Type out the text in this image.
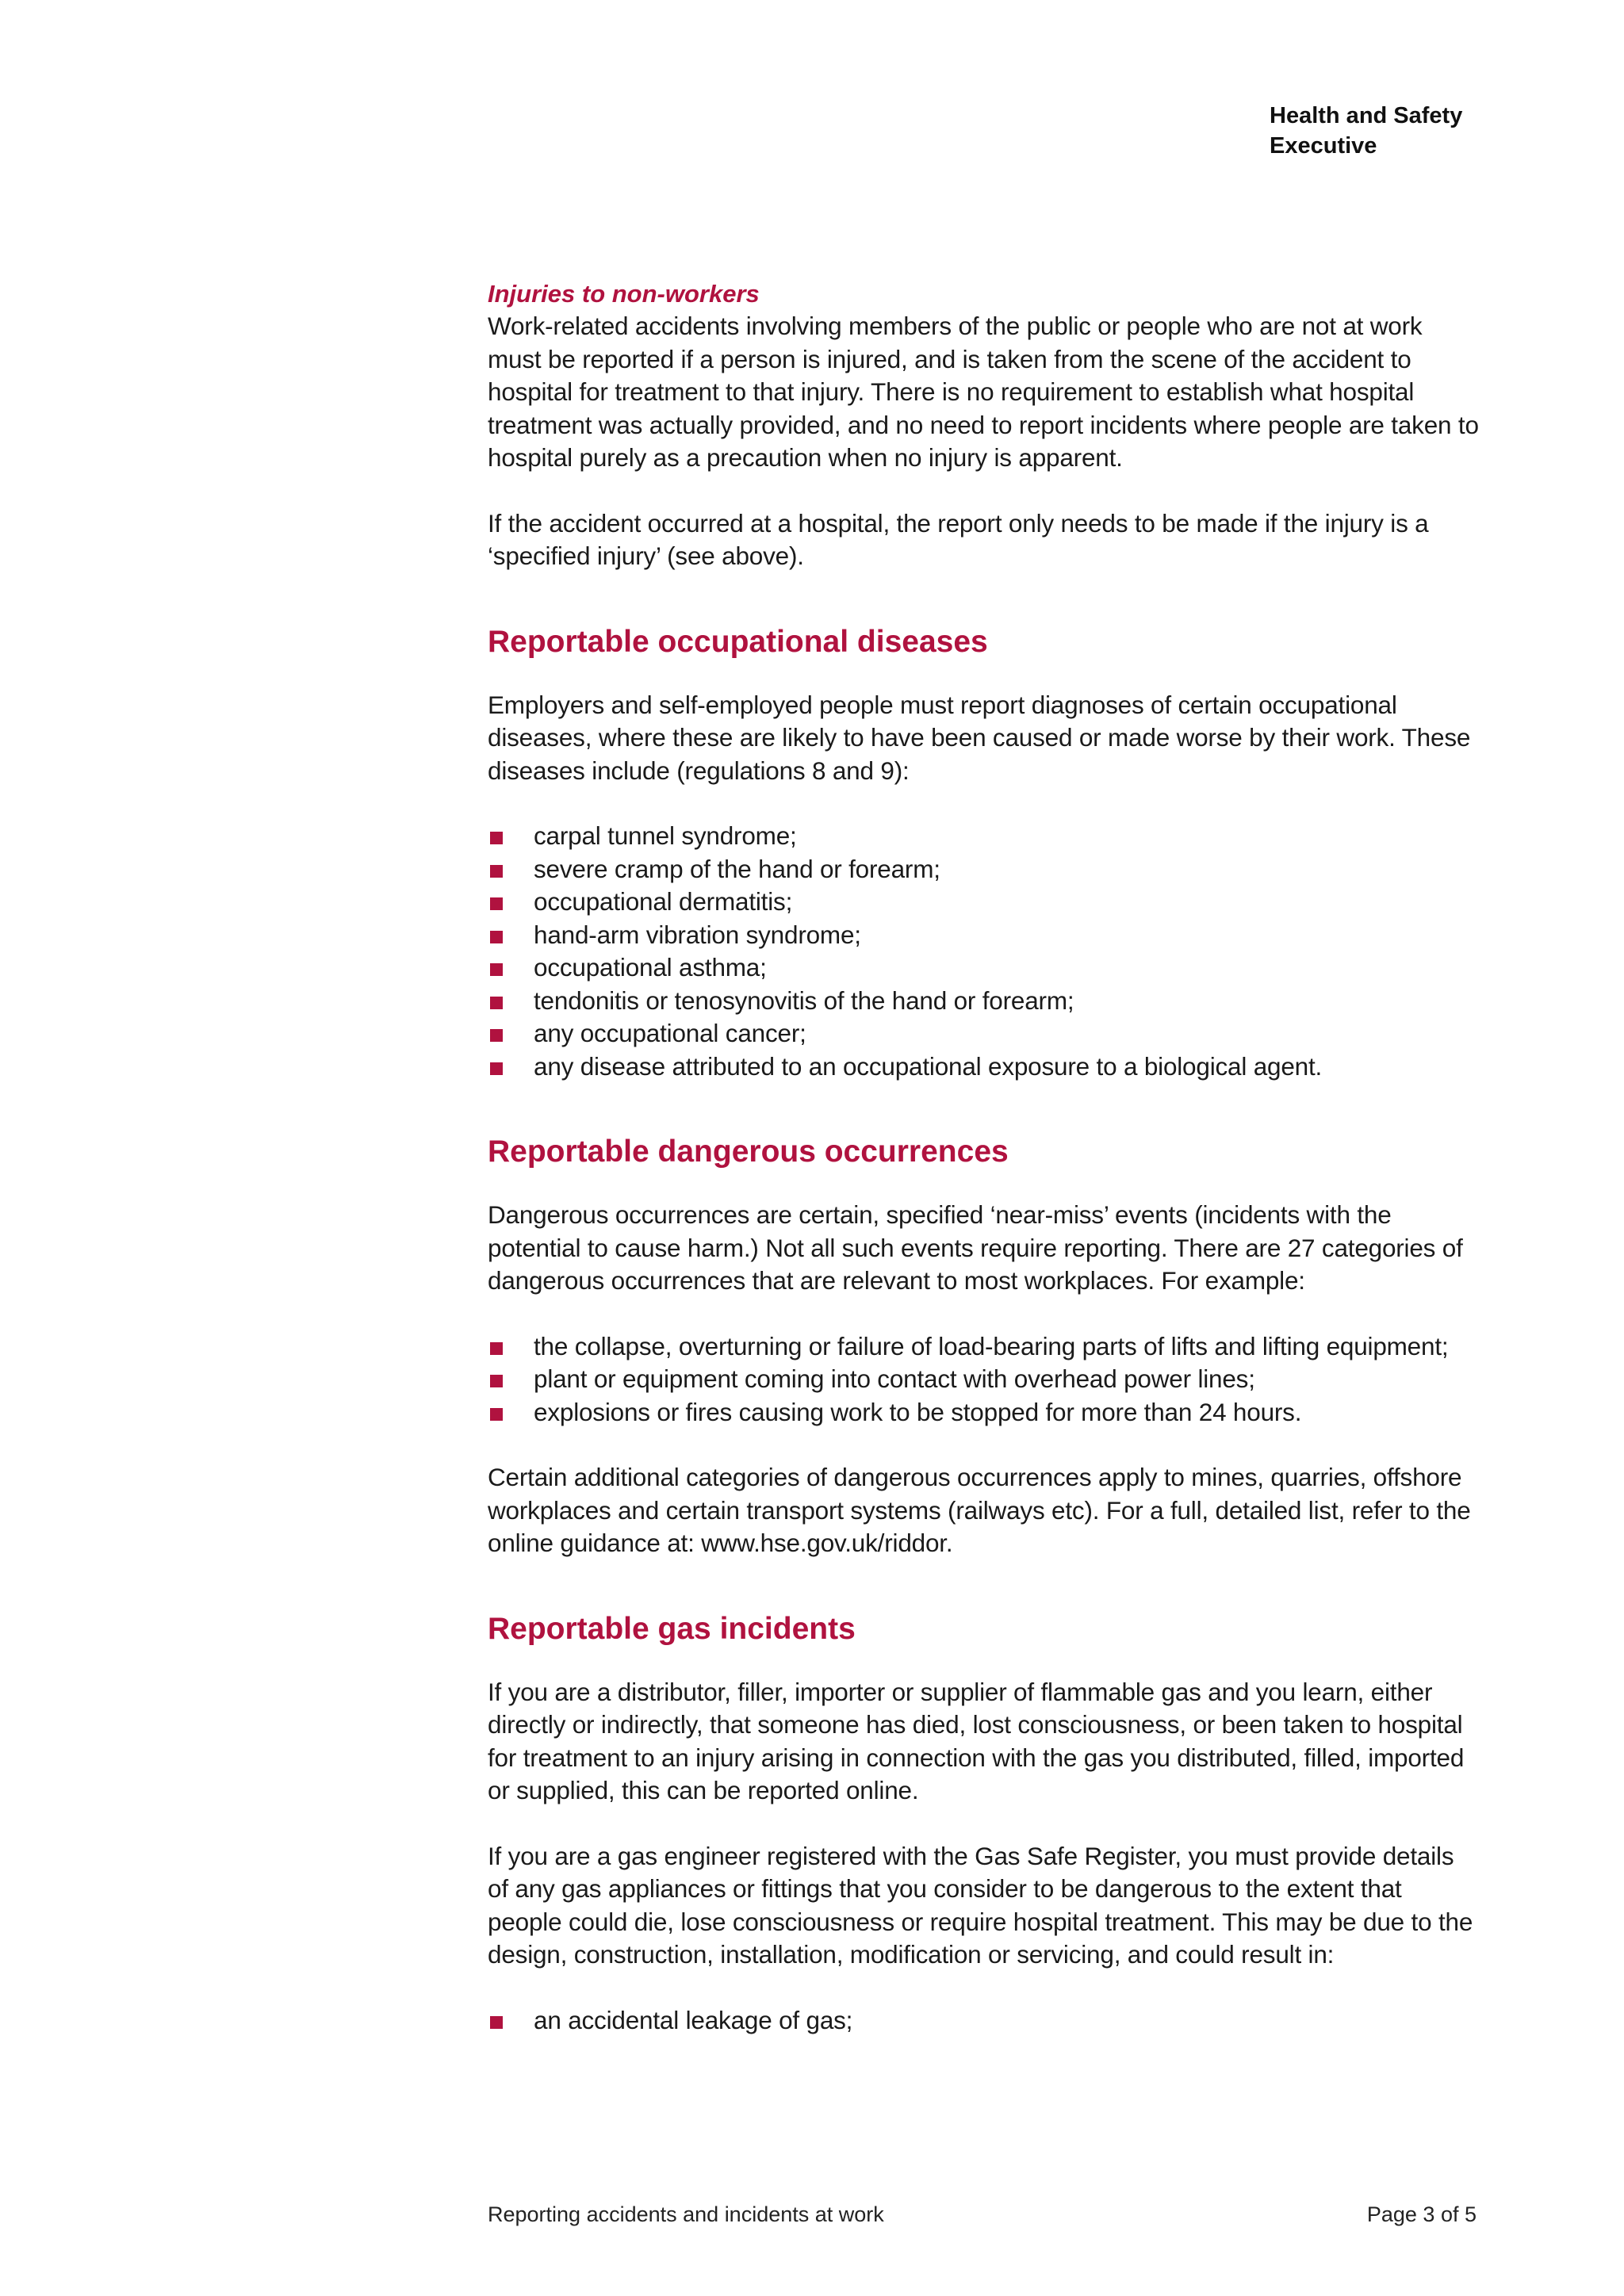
Health and Safety
Executive
Injuries to non-workers

Work-related accidents involving members of the public or people who are not at work must be reported if a person is injured, and is taken from the scene of the accident to hospital for treatment to that injury. There is no requirement to establish what hospital treatment was actually provided, and no need to report incidents where people are taken to hospital purely as a precaution when no injury is apparent.

If the accident occurred at a hospital, the report only needs to be made if the injury is a ‘specified injury’ (see above).

Reportable occupational diseases

Employers and self-employed people must report diagnoses of certain occupational diseases, where these are likely to have been caused or made worse by their work. These diseases include (regulations 8 and 9):

carpal tunnel syndrome;
severe cramp of the hand or forearm;
occupational dermatitis;
hand-arm vibration syndrome;
occupational asthma;
tendonitis or tenosynovitis of the hand or forearm;
any occupational cancer;
any disease attributed to an occupational exposure to a biological agent.
Reportable dangerous occurrences

Dangerous occurrences are certain, specified ‘near-miss’ events (incidents with the potential to cause harm.) Not all such events require reporting. There are 27 categories of dangerous occurrences that are relevant to most workplaces. For example:

the collapse, overturning or failure of load-bearing parts of lifts and lifting equipment;
plant or equipment coming into contact with overhead power lines;
explosions or fires causing work to be stopped for more than 24 hours.

Certain additional categories of dangerous occurrences apply to mines, quarries, offshore workplaces and certain transport systems (railways etc). For a full, detailed list, refer to the online guidance at: www.hse.gov.uk/riddor.

Reportable gas incidents

If you are a distributor, filler, importer or supplier of flammable gas and you learn, either directly or indirectly, that someone has died, lost consciousness, or been taken to hospital for treatment to an injury arising in connection with the gas you distributed, filled, imported or supplied, this can be reported online.

If you are a gas engineer registered with the Gas Safe Register, you must provide details of any gas appliances or fittings that you consider to be dangerous to the extent that people could die, lose consciousness or require hospital treatment. This may be due to the design, construction, installation, modification or servicing, and could result in:

an accidental leakage of gas;
Reporting accidents and incidents at work	Page 3 of 5
